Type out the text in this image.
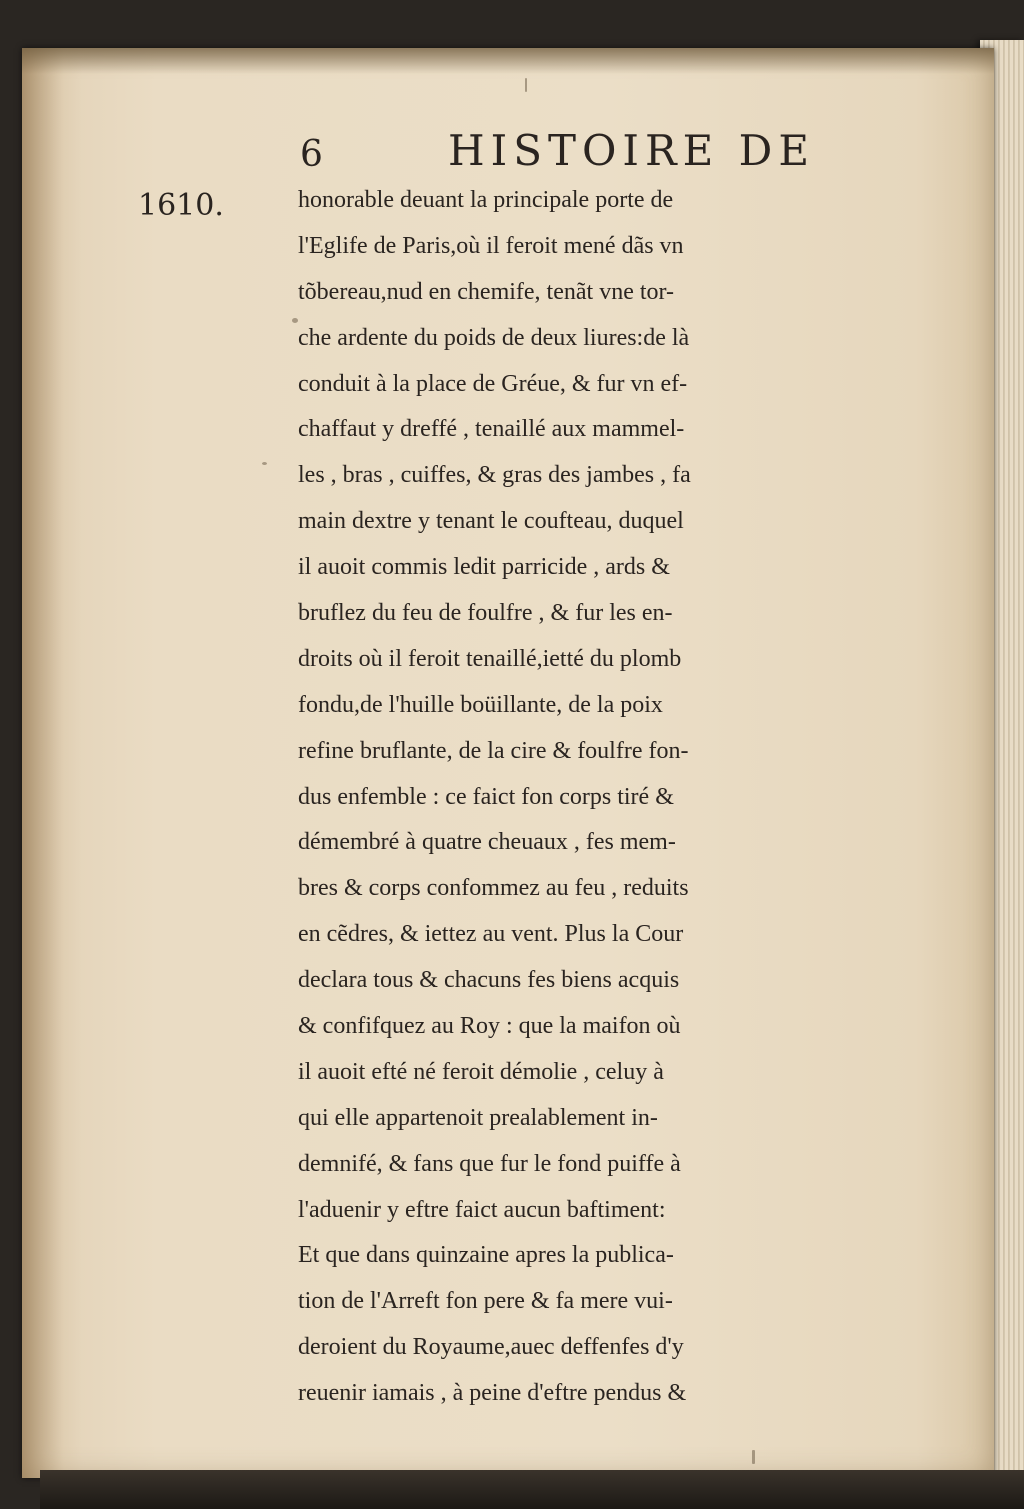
6	HISTOIRE DE
1610.	honorable deuant la principale porte de
l'Eglife de Paris,où il feroit mené dãs vn
tõbereau,nud en chemife, tenãt vne tor-
che ardente du poids de deux liures:de là
conduit à la place de Gréue, & fur vn ef-
chaffaut y dreffé , tenaillé aux mammel-
les , bras , cuiffes, & gras des jambes , fa
main dextre y tenant le coufteau, duquel
il auoit commis ledit parricide , ards &
bruflez du feu de foulfre , & fur les en-
droits où il feroit tenaillé,ietté du plomb
fondu,de l'huille boüillante, de la poix
refine bruflante, de la cire & foulfre fon-
dus enfemble : ce faict fon corps tiré &
démembré à quatre cheuaux , fes mem-
bres & corps confommez au feu , reduits
en cẽdres, & iettez au vent. Plus la Cour
declara tous & chacuns fes biens acquis
& confifquez au Roy : que la maifon où
il auoit efté né feroit démolie , celuy à
qui elle appartenoit prealablement in-
demnifé, & fans que fur le fond puiffe à
l'aduenir y eftre faict aucun baftiment:
Et que dans quinzaine apres la publica-
tion de l'Arreft fon pere & fa mere vui-
deroient du Royaume,auec deffenfes d'y
reuenir iamais , à peine d'eftre pendus &
